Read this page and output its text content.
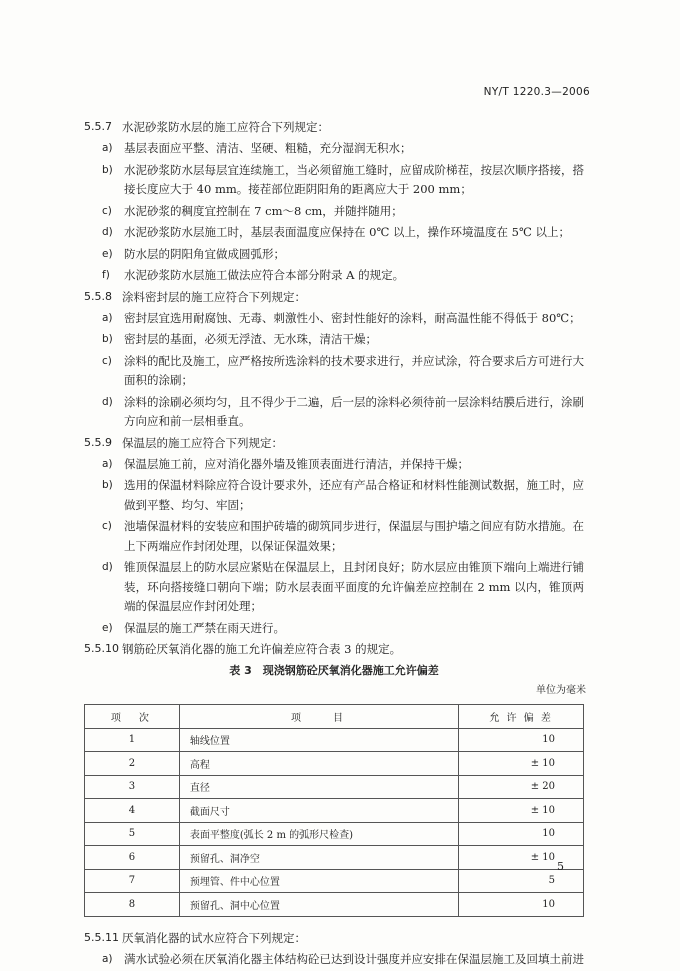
NY/T 1220.3—2006
5.5.7 水泥砂浆防水层的施工应符合下列规定：
a) 基层表面应平整、清洁、坚硬、粗糙，充分湿润无积水；
b) 水泥砂浆防水层每层宜连续施工，当必须留施工缝时，应留成阶梯茬，按层次顺序搭接，搭接长度应大于 40 mm。接茬部位距阴阳角的距离应大于 200 mm；
c)	水泥砂浆的稠度宜控制在 7 cm～8 cm，并随拌随用；
d) 水泥砂浆防水层施工时，基层表面温度应保持在 0℃ 以上，操作环境温度在 5℃ 以上；
e) 防水层的阴阳角宜做成圆弧形；
f)	水泥砂浆防水层施工做法应符合本部分附录 A 的规定。
5.5.8 涂料密封层的施工应符合下列规定：
a) 密封层宜选用耐腐蚀、无毒、刺激性小、密封性能好的涂料，耐高温性能不得低于 80℃；
b) 密封层的基面，必须无浮渣、无水珠，清洁干燥；
c)	涂料的配比及施工，应严格按所选涂料的技术要求进行，并应试涂，符合要求后方可进行大面积的涂刷；
d) 涂料的涂刷必须均匀，且不得少于二遍，后一层的涂料必须待前一层涂料结膜后进行，涂刷方向应和前一层相垂直。
5.5.9 保温层的施工应符合下列规定：
a) 保温层施工前，应对消化器外墙及锥顶表面进行清洁，并保持干燥；
b) 选用的保温材料除应符合设计要求外，还应有产品合格证和材料性能测试数据，施工时，应做到平整、均匀、牢固；
c)	池墙保温材料的安装应和围护砖墙的砌筑同步进行，保温层与围护墙之间应有防水措施。在上下两端应作封闭处理，以保证保温效果；
d) 锥顶保温层上的防水层应紧贴在保温层上，且封闭良好；防水层应由锥顶下端向上端进行铺装，环向搭接缝口朝向下端；防水层表面平面度的允许偏差应控制在 2 mm 以内，锥顶两端的保温层应作封闭处理；
e) 保温层的施工严禁在雨天进行。
5.5.10 钢筋砼厌氧消化器的施工允许偏差应符合表 3 的规定。
表 3　现浇钢筋砼厌氧消化器施工允许偏差
单位为毫米
项　次	项　　目	允 许 偏 差
1	轴线位置	10
2	高程	± 10
3	直径	± 20
4	截面尺寸	± 10
5	表面平整度(弧长 2 m 的弧形尺检查)	10
6	预留孔、洞净空	± 10
7	预埋管、件中心位置	5
8	预留孔、洞中心位置	10
5.5.11 厌氧消化器的试水应符合下列规定：
a) 满水试验必须在厌氧消化器主体结构砼已达到设计强度并应安排在保温层施工及回填土前进
5
